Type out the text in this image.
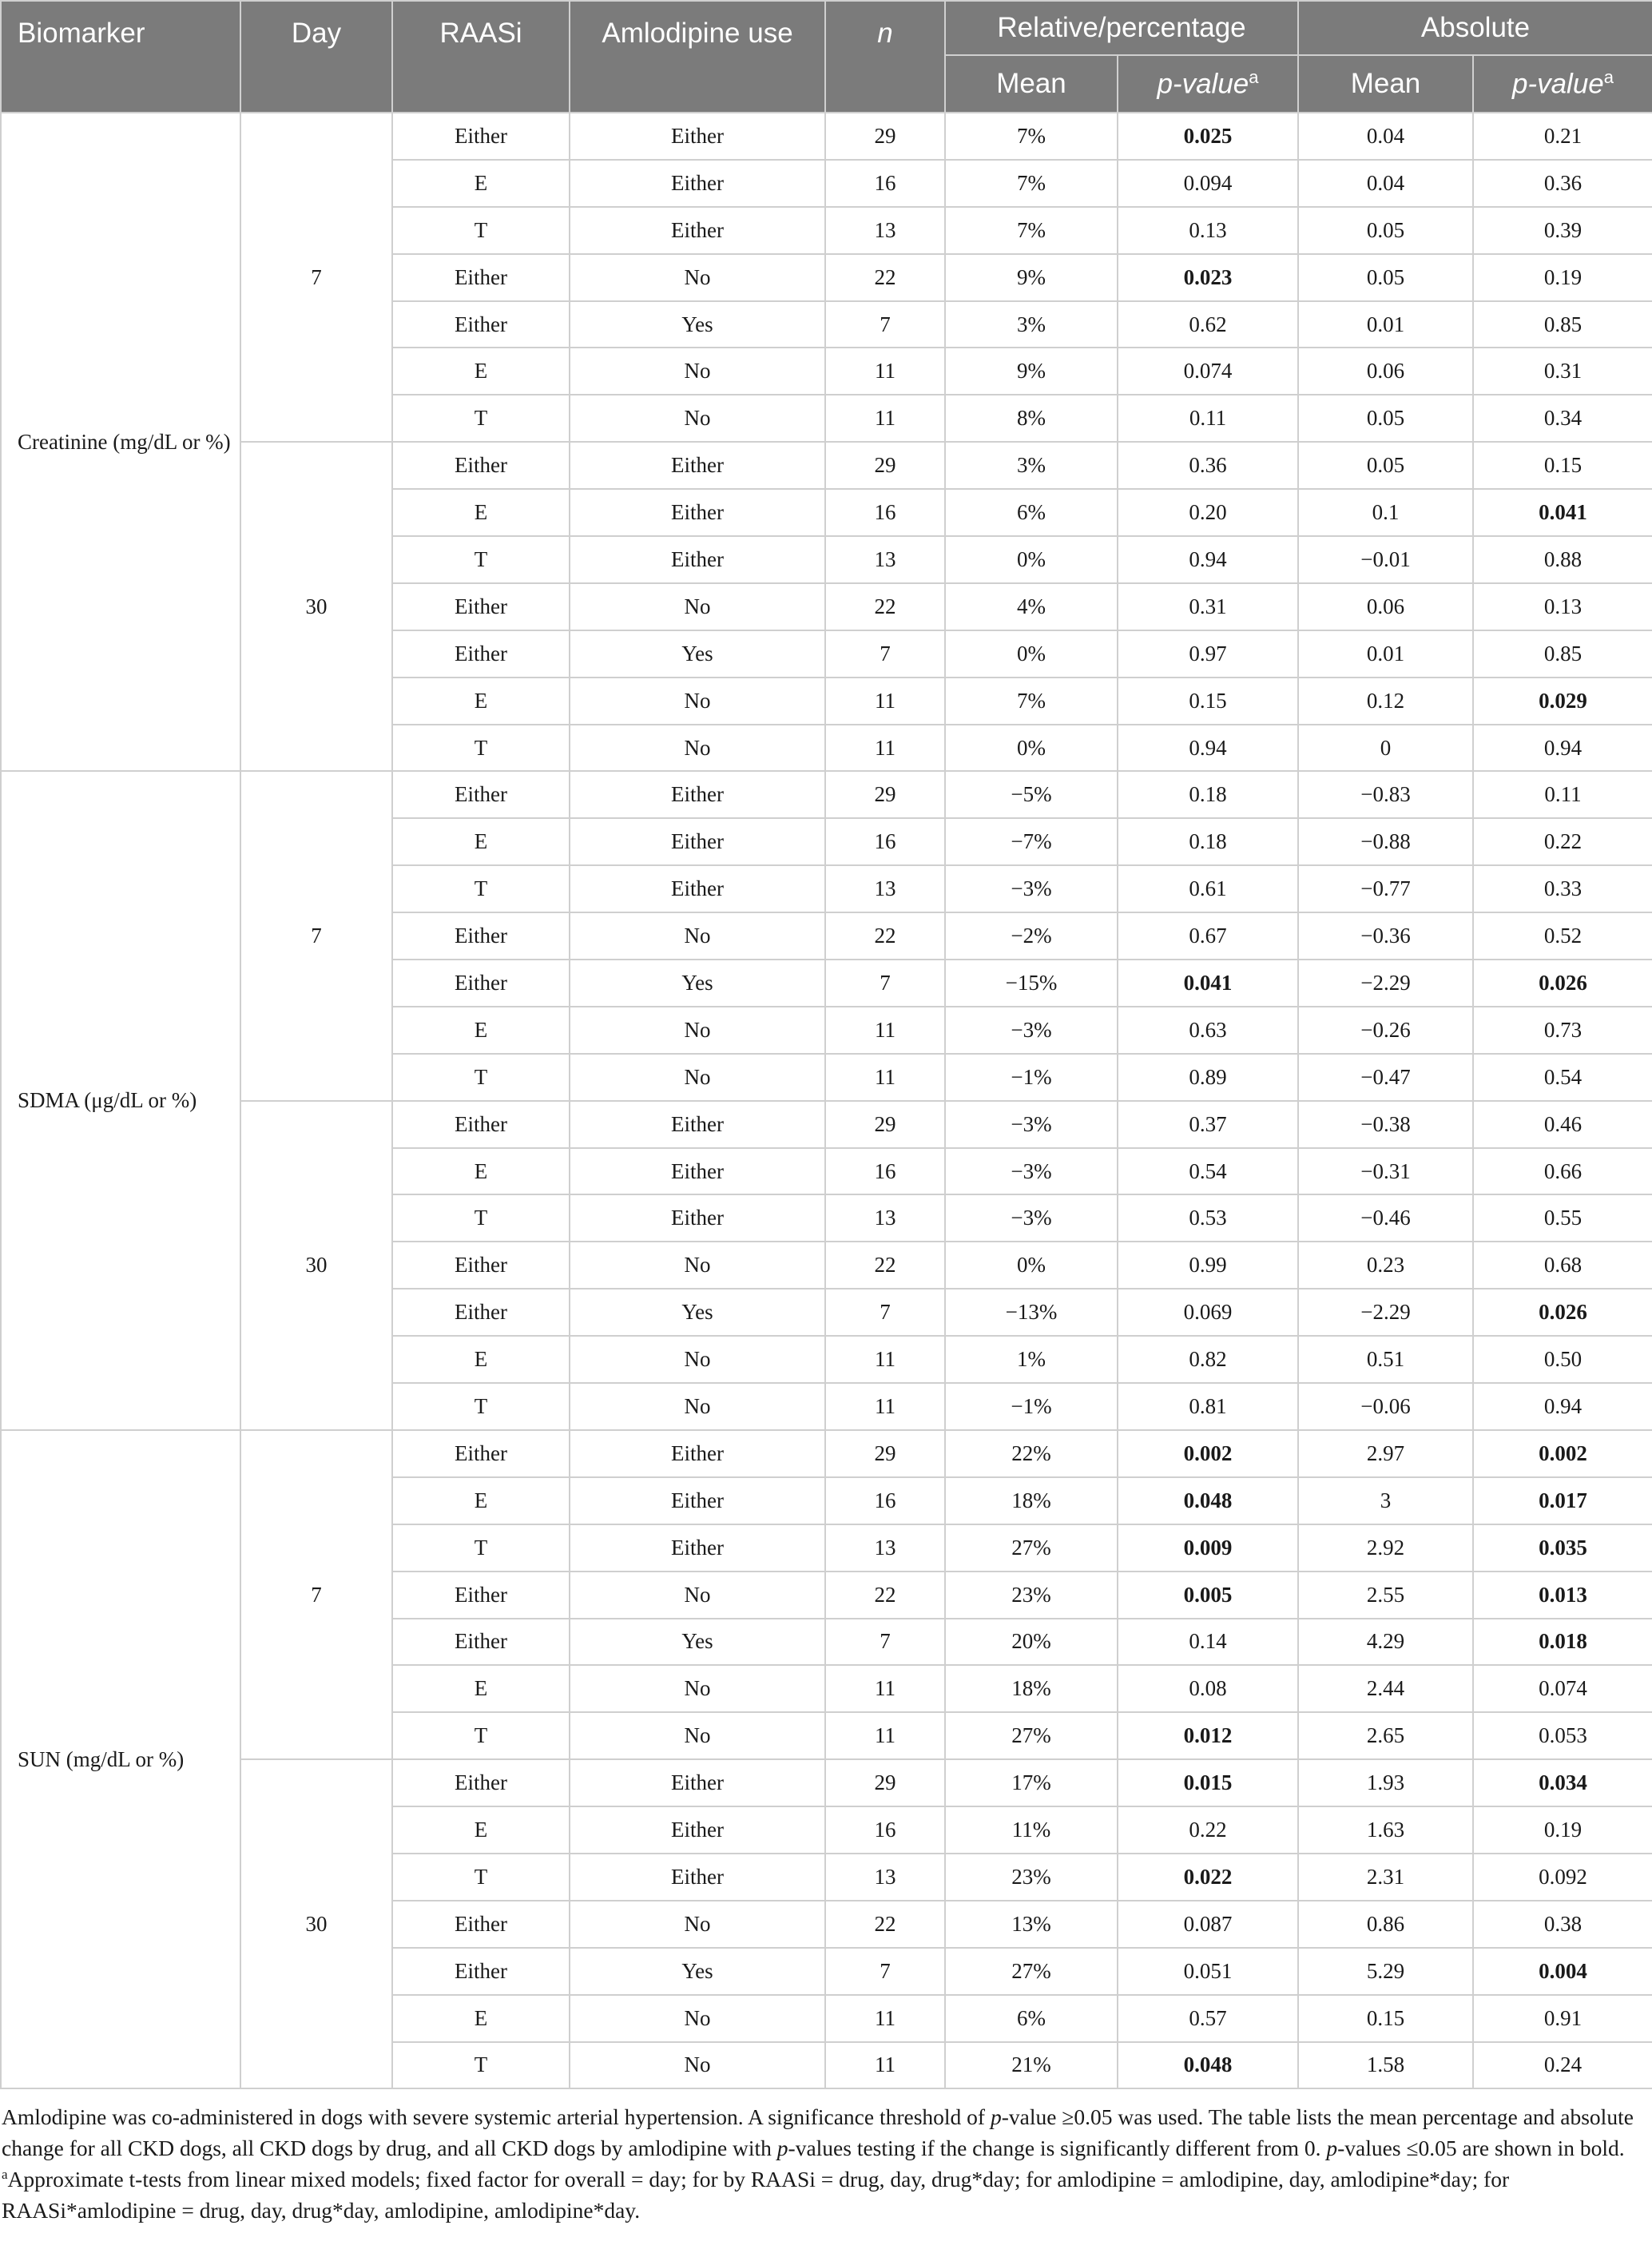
Biomarker	Day	RAASi	Amlodipine use	n	Relative/percentage		Absolute	
					Mean	p-value$^a$	Mean	p-value$^a$
Creatinine (mg/dL or %)	7	Either	Either	29	7%	0.025	0.04	0.21
		E	Either	16	7%	0.094	0.04	0.36
		T	Either	13	7%	0.13	0.05	0.39
		Either	No	22	9%	0.023	0.05	0.19
		Either	Yes	7	3%	0.62	0.01	0.85
		E	No	11	9%	0.074	0.06	0.31
		T	No	11	8%	0.11	0.05	0.34
	30	Either	Either	29	3%	0.36	0.05	0.15
		E	Either	16	6%	0.20	0.1	0.041
		T	Either	13	0%	0.94	−0.01	0.88
		Either	No	22	4%	0.31	0.06	0.13
		Either	Yes	7	0%	0.97	0.01	0.85
		E	No	11	7%	0.15	0.12	0.029
		T	No	11	0%	0.94	0	0.94
SDMA (μg/dL or %)	7	Either	Either	29	−5%	0.18	−0.83	0.11
		E	Either	16	−7%	0.18	−0.88	0.22
		T	Either	13	−3%	0.61	−0.77	0.33
		Either	No	22	−2%	0.67	−0.36	0.52
		Either	Yes	7	−15%	0.041	−2.29	0.026
		E	No	11	−3%	0.63	−0.26	0.73
		T	No	11	−1%	0.89	−0.47	0.54
	30	Either	Either	29	−3%	0.37	−0.38	0.46
		E	Either	16	−3%	0.54	−0.31	0.66
		T	Either	13	−3%	0.53	−0.46	0.55
		Either	No	22	0%	0.99	0.23	0.68
		Either	Yes	7	−13%	0.069	−2.29	0.026
		E	No	11	1%	0.82	0.51	0.50
		T	No	11	−1%	0.81	−0.06	0.94
SUN (mg/dL or %)	7	Either	Either	29	22%	0.002	2.97	0.002
		E	Either	16	18%	0.048	3	0.017
		T	Either	13	27%	0.009	2.92	0.035
		Either	No	22	23%	0.005	2.55	0.013
		Either	Yes	7	20%	0.14	4.29	0.018
		E	No	11	18%	0.08	2.44	0.074
		T	No	11	27%	0.012	2.65	0.053
	30	Either	Either	29	17%	0.015	1.93	0.034
		E	Either	16	11%	0.22	1.63	0.19
		T	Either	13	23%	0.022	2.31	0.092
		Either	No	22	13%	0.087	0.86	0.38
		Either	Yes	7	27%	0.051	5.29	0.004
		E	No	11	6%	0.57	0.15	0.91
		T	No	11	21%	0.048	1.58	0.24

Amlodipine was co-administered in dogs with severe systemic arterial hypertension. A significance threshold of p-value ≥0.05 was used. The table lists the mean percentage and absolute change for all CKD dogs, all CKD dogs by drug, and all CKD dogs by amlodipine with p-values testing if the change is significantly different from 0. p-values ≤0.05 are shown in bold.

$^a$Approximate t-tests from linear mixed models; fixed factor for overall = day; for by RAASi = drug, day, drug*day; for amlodipine = amlodipine, day, amlodipine*day; for RAASi*amlodipine = drug, day, drug*day, amlodipine, amlodipine*day.
